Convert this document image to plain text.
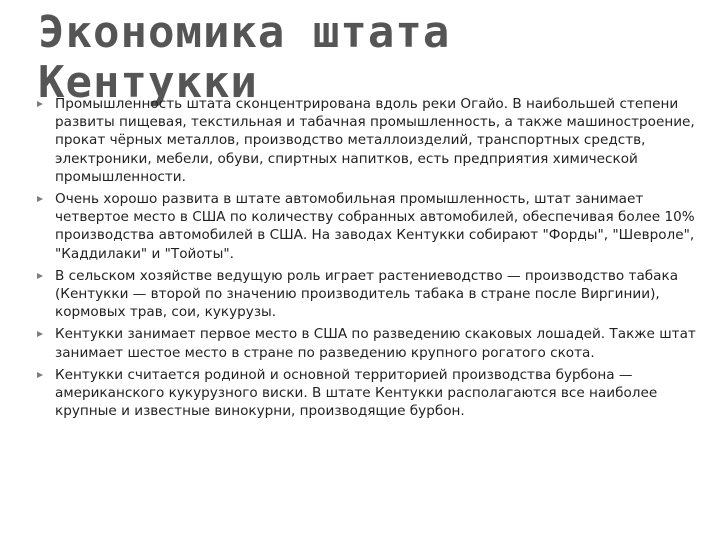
Экономика штата Кентукки
Промышленность штата сконцентрирована вдоль реки Огайо. В наибольшей степени развиты пищевая, текстильная и табачная промышленность, а также машиностроение, прокат чёрных металлов, производство металлоизделий, транспортных средств, электроники, мебели, обуви, спиртных напитков, есть предприятия химической промышленности.
Очень хорошо развита в штате автомобильная промышленность, штат занимает четвертое место в США по количеству собранных автомобилей, обеспечивая более 10% производства автомобилей в США. На заводах Кентукки собирают "Форды", "Шевроле", "Каддилаки" и "Тойоты".
В сельском хозяйстве ведущую роль играет растениеводство — производство табака (Кентукки — второй по значению производитель табака в стране после Виргинии), кормовых трав, сои, кукурузы.
Кентукки занимает первое место в США по разведению скаковых лошадей. Также штат занимает шестое место в стране по разведению крупного рогатого скота.
Кентукки считается родиной и основной территорией производства бурбона — американского кукурузного виски. В штате Кентукки располагаются все наиболее крупные и известные винокурни, производящие бурбон.
